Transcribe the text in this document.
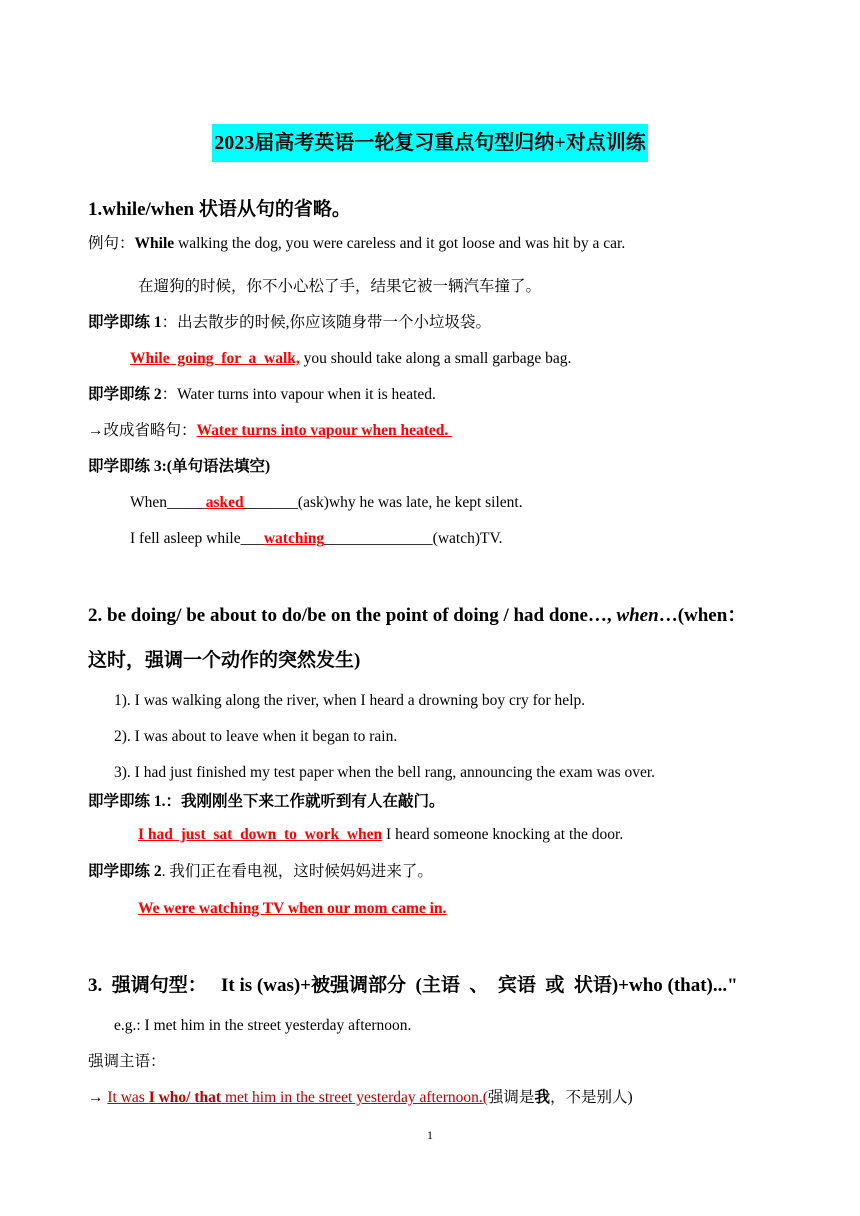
2023届高考英语一轮复习重点句型归纳+对点训练
1.while/when 状语从句的省略。
例句：While walking the dog, you were careless and it got loose and was hit by a car.
在遛狗的时候，你不小心松了手，结果它被一辆汽车撞了。
即学即练 1：出去散步的时候,你应该随身带一个小垃圾袋。
While  going  for  a  walk, you should take along a small garbage bag.
即学即练 2：Water turns into vapour when it is heated.
→改成省略句：Water turns into vapour when heated.
即学即练 3:(单句语法填空)
When_____asked_______(ask)why he was late, he kept silent.
I fell asleep while___watching______________(watch)TV.
2. be doing/ be about to do/be on the point of doing / had done…, when…(when：
这时，强调一个动作的突然发生)
1). I was walking along the river, when I heard a drowning boy cry for help.
2). I was about to leave when it began to rain.
3). I had just finished my test paper when the bell rang, announcing the exam was over.
即学即练 1.：我刚刚坐下来工作就听到有人在敲门。
I had  just  sat  down  to  work  when I heard someone knocking at the door.
即学即练 2. 我们正在看电视，这时候妈妈进来了。
We were watching TV when our mom came in.
3.  强调句型：   It is (was)+被强调部分  (主语  、  宾语  或  状语)+who (that)..."
e.g.: I met him in the street yesterday afternoon.
强调主语：
→ It was I who/ that met him in the street yesterday afternoon.(强调是我，不是别人)
1
